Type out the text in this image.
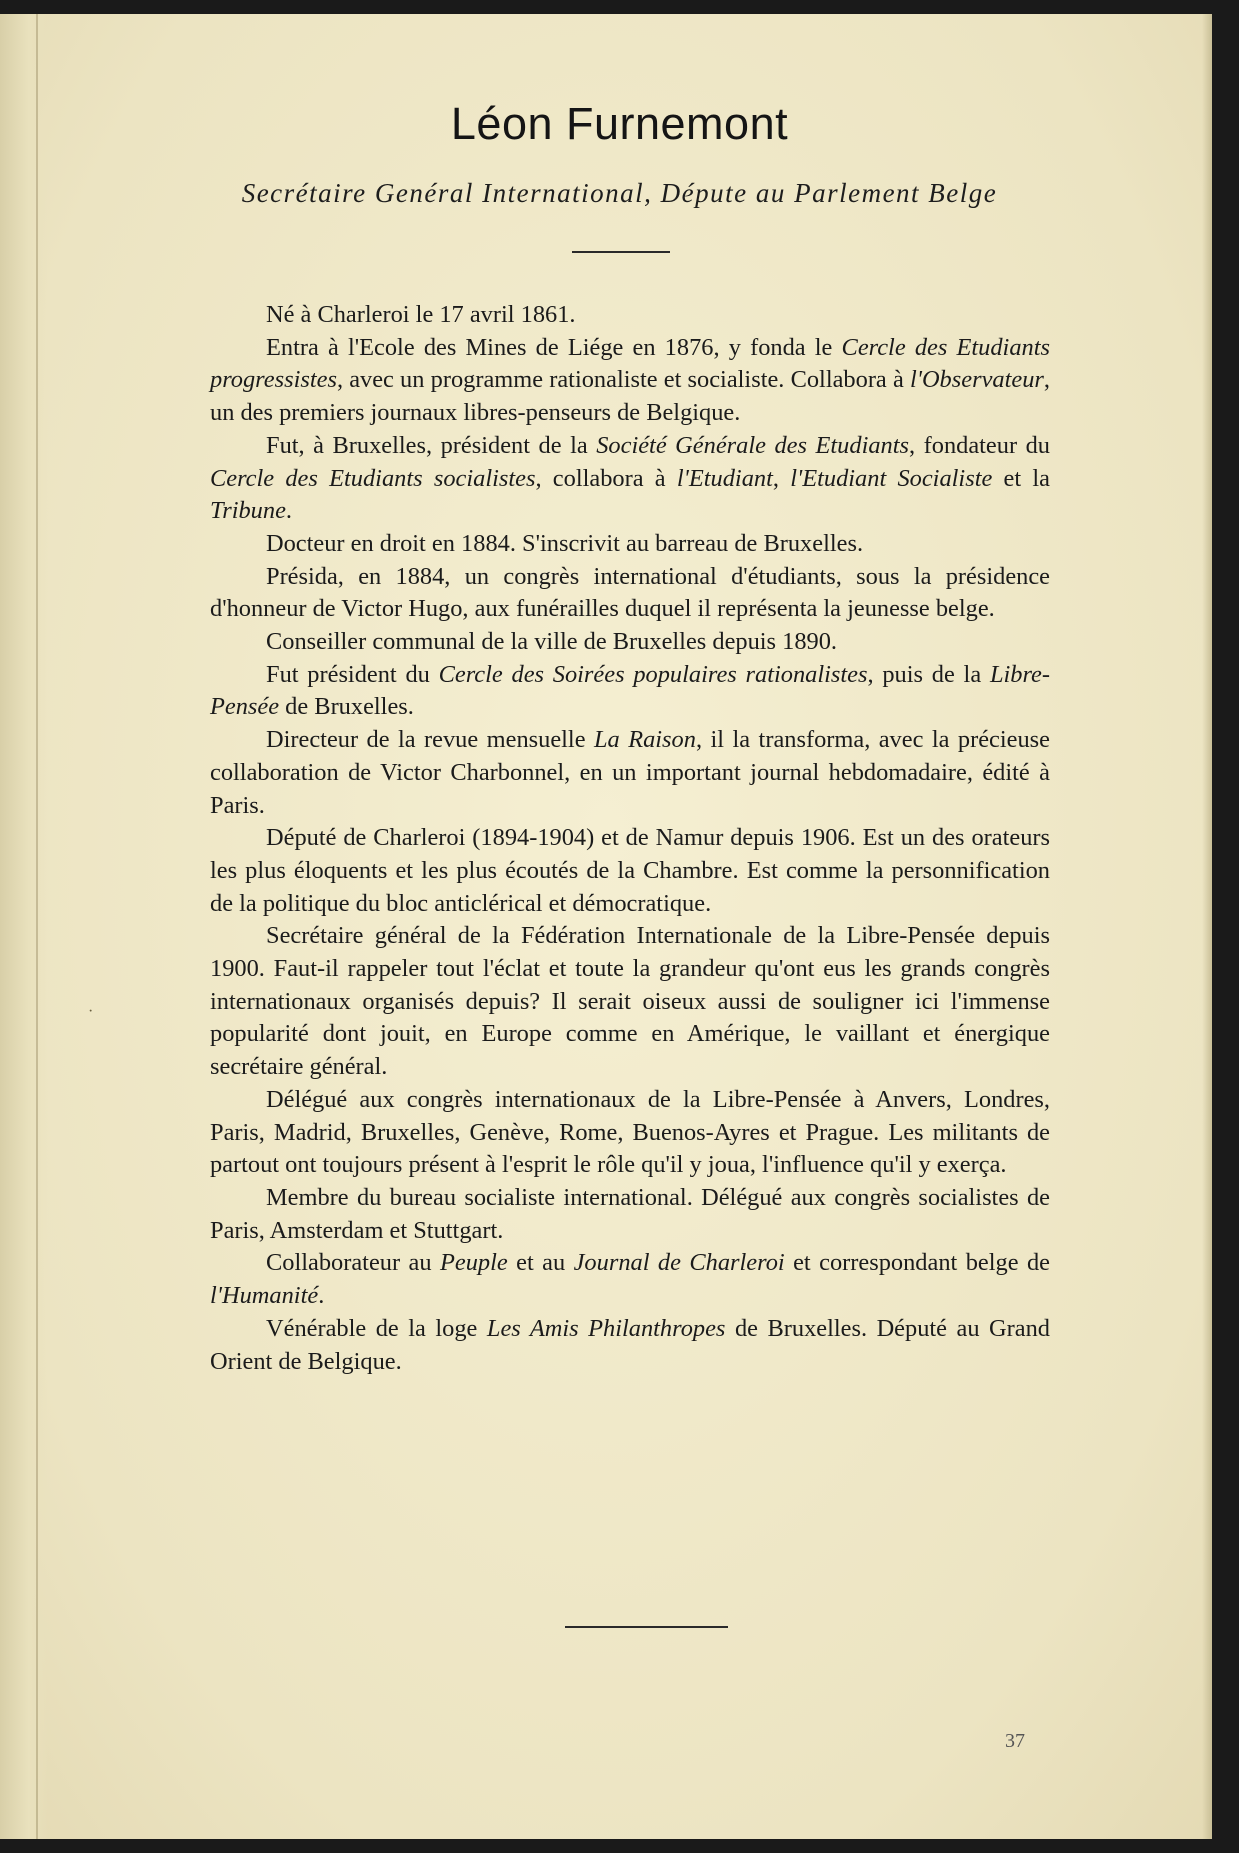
Léon Furnemont
Secrétaire Genéral International, Députe au Parlement Belge

Né à Charleroi le 17 avril 1861.

Entra à l'Ecole des Mines de Liége en 1876, y fonda le Cercle des Etudiants progressistes, avec un programme rationaliste et socialiste. Collabora à l'Observateur, un des premiers journaux libres-penseurs de Belgique.

Fut, à Bruxelles, président de la Société Générale des Etudiants, fondateur du Cercle des Etudiants socialistes, collabora à l'Etudiant, l'Etudiant Socialiste et la Tribune.

Docteur en droit en 1884. S'inscrivit au barreau de Bruxelles.

Présida, en 1884, un congrès international d'étudiants, sous la présidence d'honneur de Victor Hugo, aux funérailles duquel il représenta la jeunesse belge.

Conseiller communal de la ville de Bruxelles depuis 1890.

Fut président du Cercle des Soirées populaires rationalistes, puis de la Libre-Pensée de Bruxelles.

Directeur de la revue mensuelle La Raison, il la transforma, avec la précieuse collaboration de Victor Charbonnel, en un important journal hebdomadaire, édité à Paris.

Député de Charleroi (1894-1904) et de Namur depuis 1906. Est un des orateurs les plus éloquents et les plus écoutés de la Chambre. Est comme la personnification de la politique du bloc anticlérical et démocratique.

Secrétaire général de la Fédération Internationale de la Libre-Pensée depuis 1900. Faut-il rappeler tout l'éclat et toute la grandeur qu'ont eus les grands congrès internationaux organisés depuis? Il serait oiseux aussi de souligner ici l'immense popularité dont jouit, en Europe comme en Amérique, le vaillant et énergique secrétaire général.

Délégué aux congrès internationaux de la Libre-Pensée à Anvers, Londres, Paris, Madrid, Bruxelles, Genève, Rome, Buenos-Ayres et Prague. Les militants de partout ont toujours présent à l'esprit le rôle qu'il y joua, l'influence qu'il y exerça.

Membre du bureau socialiste international. Délégué aux congrès socialistes de Paris, Amsterdam et Stuttgart.

Collaborateur au Peuple et au Journal de Charleroi et correspondant belge de l'Humanité.

Vénérable de la loge Les Amis Philanthropes de Bruxelles. Député au Grand Orient de Belgique.

37
·
